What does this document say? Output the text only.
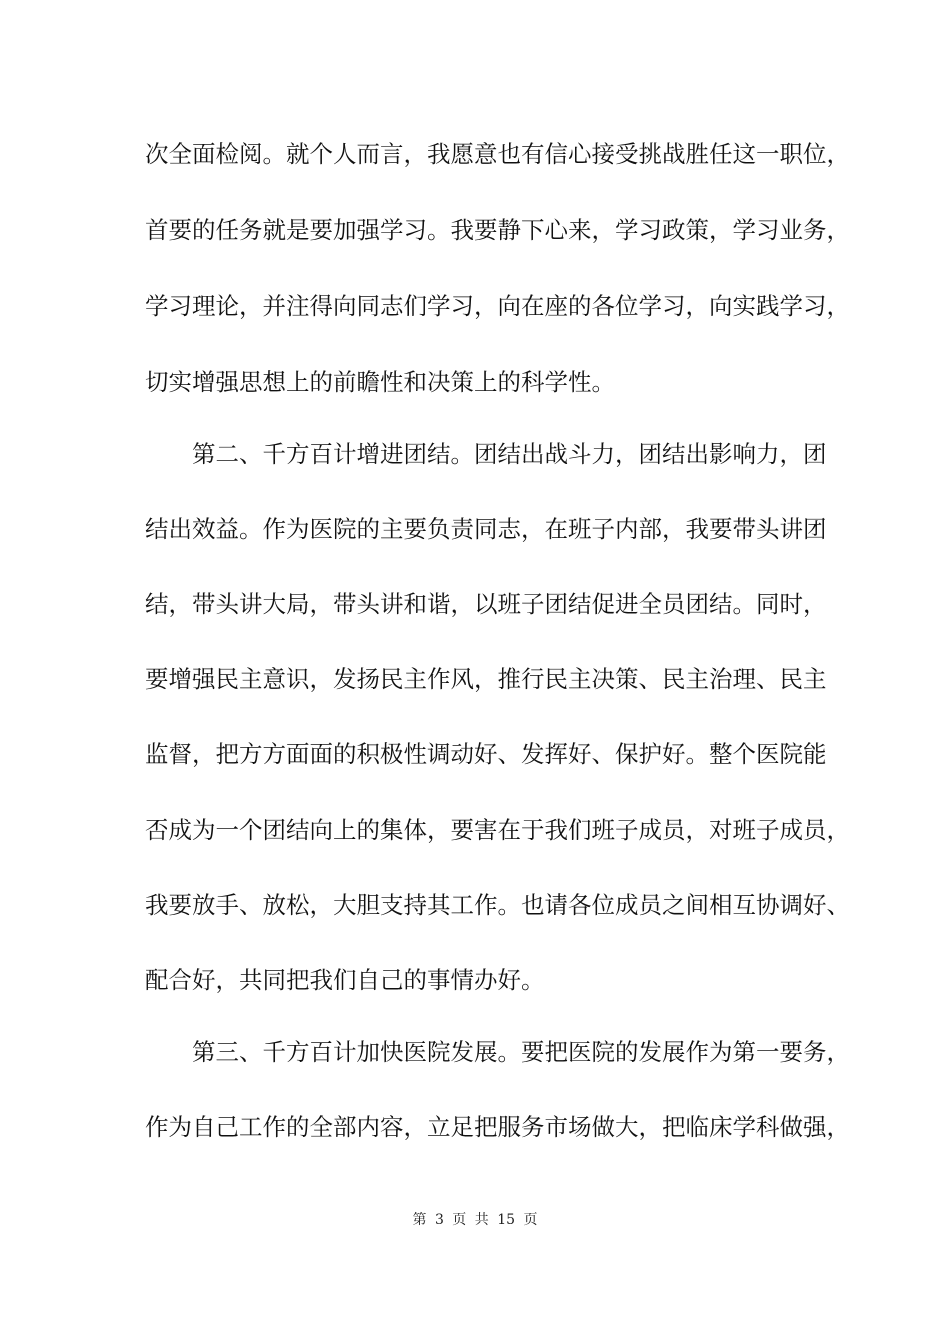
次全面检阅。就个人而言，我愿意也有信心接受挑战胜任这一职位，
首要的任务就是要加强学习。我要静下心来，学习政策，学习业务，
学习理论，并注得向同志们学习，向在座的各位学习，向实践学习，
切实增强思想上的前瞻性和决策上的科学性。
第二、千方百计增进团结。团结出战斗力，团结出影响力，团
结出效益。作为医院的主要负责同志，在班子内部，我要带头讲团
结，带头讲大局，带头讲和谐，以班子团结促进全员团结。同时，
要增强民主意识，发扬民主作风，推行民主决策、民主治理、民主
监督，把方方面面的积极性调动好、发挥好、保护好。整个医院能
否成为一个团结向上的集体，要害在于我们班子成员，对班子成员，
我要放手、放松，大胆支持其工作。也请各位成员之间相互协调好、
配合好，共同把我们自己的事情办好。
第三、千方百计加快医院发展。要把医院的发展作为第一要务，
作为自己工作的全部内容，立足把服务市场做大，把临床学科做强，
第 3 页 共 15 页
